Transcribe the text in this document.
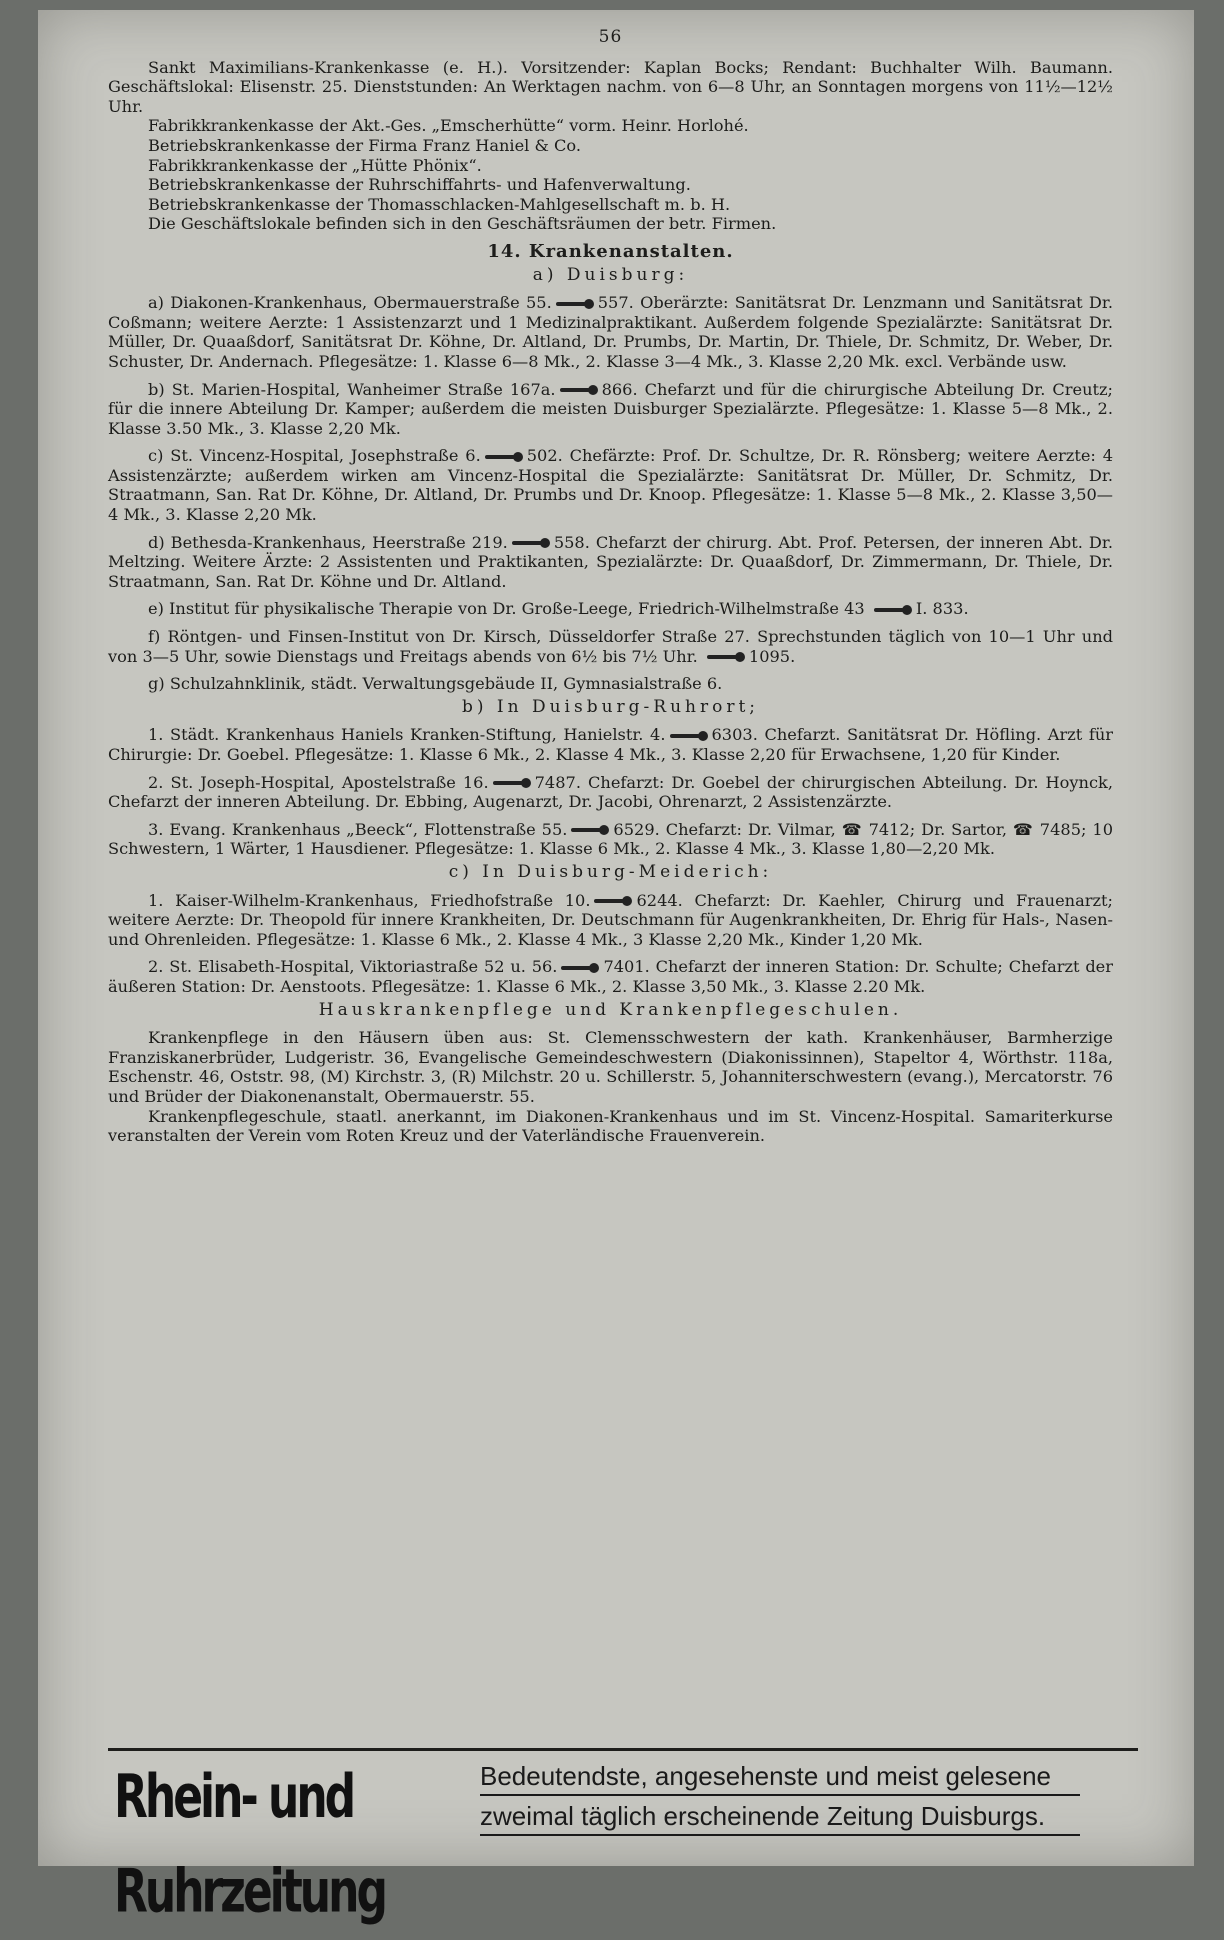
56

Sankt Maximilians-Krankenkasse (e. H.). Vorsitzender: Kaplan Bocks; Rendant: Buchhalter Wilh. Baumann. Geschäftslokal: Elisenstr. 25. Dienststunden: An Werktagen nachm. von 6—8 Uhr, an Sonntagen morgens von 11½—12½ Uhr.

Fabrikkrankenkasse der Akt.-Ges. „Emscherhütte“ vorm. Heinr. Horlohé.

Betriebskrankenkasse der Firma Franz Haniel & Co.

Fabrikkrankenkasse der „Hütte Phönix“.

Betriebskrankenkasse der Ruhrschiffahrts- und Hafenverwaltung.

Betriebskrankenkasse der Thomasschlacken-Mahlgesellschaft m. b. H.

Die Geschäftslokale befinden sich in den Geschäftsräumen der betr. Firmen.

14. Krankenanstalten.
a) Duisburg:

a) Diakonen-Krankenhaus, Obermauerstraße 55.	557. Oberärzte: Sanitätsrat Dr. Lenzmann und Sanitätsrat Dr. Coßmann; weitere Aerzte: 1 Assistenzarzt und 1 Medizinalpraktikant. Außerdem folgende Spezialärzte: Sanitätsrat Dr. Müller, Dr. Quaaßdorf, Sanitätsrat Dr. Köhne, Dr. Altland, Dr. Prumbs, Dr. Martin, Dr. Thiele, Dr. Schmitz, Dr. Weber, Dr. Schuster, Dr. Andernach. Pflegesätze: 1. Klasse 6—8 Mk., 2. Klasse 3—4 Mk., 3. Klasse 2,20 Mk. excl. Verbände usw.

b) St. Marien-Hospital, Wanheimer Straße 167a.	866. Chefarzt und für die chirurgische Abteilung Dr. Creutz; für die innere Abteilung Dr. Kamper; außerdem die meisten Duisburger Spezialärzte. Pflegesätze: 1. Klasse 5—8 Mk., 2. Klasse 3.50 Mk., 3. Klasse 2,20 Mk.

c) St. Vincenz-Hospital, Josephstraße 6.	502. Chefärzte: Prof. Dr. Schultze, Dr. R. Rönsberg; weitere Aerzte: 4 Assistenzärzte; außerdem wirken am Vincenz-Hospital die Spezialärzte: Sanitätsrat Dr. Müller, Dr. Schmitz, Dr. Straatmann, San. Rat Dr. Köhne, Dr. Altland, Dr. Prumbs und Dr. Knoop. Pflegesätze: 1. Klasse 5—8 Mk., 2. Klasse 3,50—4 Mk., 3. Klasse 2,20 Mk.

d) Bethesda-Krankenhaus, Heerstraße 219.	558. Chefarzt der chirurg. Abt. Prof. Petersen, der inneren Abt. Dr. Meltzing. Weitere Ärzte: 2 Assistenten und Praktikanten, Spezialärzte: Dr. Quaaßdorf, Dr. Zimmermann, Dr. Thiele, Dr. Straatmann, San. Rat Dr. Köhne und Dr. Altland.

e) Institut für physikalische Therapie von Dr. Große-Leege, Friedrich-Wilhelmstraße 43	I. 833.

f) Röntgen- und Finsen-Institut von Dr. Kirsch, Düsseldorfer Straße 27. Sprechstunden täglich von 10—1 Uhr und von 3—5 Uhr, sowie Dienstags und Freitags abends von 6½ bis 7½ Uhr.	1095.

g) Schulzahnklinik, städt. Verwaltungsgebäude II, Gymnasialstraße 6.

b) In Duisburg-Ruhrort;

1. Städt. Krankenhaus Haniels Kranken-Stiftung, Hanielstr. 4.	6303. Chefarzt. Sanitätsrat Dr. Höfling. Arzt für Chirurgie: Dr. Goebel. Pflegesätze: 1. Klasse 6 Mk., 2. Klasse 4 Mk., 3. Klasse 2,20 für Erwachsene, 1,20 für Kinder.

2. St. Joseph-Hospital, Apostelstraße 16.	7487. Chefarzt: Dr. Goebel der chirurgischen Abteilung. Dr. Hoynck, Chefarzt der inneren Abteilung. Dr. Ebbing, Augenarzt, Dr. Jacobi, Ohrenarzt, 2 Assistenzärzte.

3. Evang. Krankenhaus „Beeck“, Flottenstraße 55.	6529. Chefarzt: Dr. Vilmar, ☎ 7412; Dr. Sartor, ☎ 7485; 10 Schwestern, 1 Wärter, 1 Hausdiener. Pflegesätze: 1. Klasse 6 Mk., 2. Klasse 4 Mk., 3. Klasse 1,80—2,20 Mk.

c) In Duisburg-Meiderich:

1. Kaiser-Wilhelm-Krankenhaus, Friedhofstraße 10.	6244. Chefarzt: Dr. Kaehler, Chirurg und Frauenarzt; weitere Aerzte: Dr. Theopold für innere Krankheiten, Dr. Deutschmann für Augenkrankheiten, Dr. Ehrig für Hals-, Nasen- und Ohrenleiden. Pflegesätze: 1. Klasse 6 Mk., 2. Klasse 4 Mk., 3 Klasse 2,20 Mk., Kinder 1,20 Mk.

2. St. Elisabeth-Hospital, Viktoriastraße 52 u. 56.	7401. Chefarzt der inneren Station: Dr. Schulte; Chefarzt der äußeren Station: Dr. Aenstoots. Pflegesätze: 1. Klasse 6 Mk., 2. Klasse 3,50 Mk., 3. Klasse 2.20 Mk.

Hauskrankenpflege und Krankenpflegeschulen.

Krankenpflege in den Häusern üben aus: St. Clemensschwestern der kath. Krankenhäuser, Barmherzige Franziskanerbrüder, Ludgeristr. 36, Evangelische Gemeindeschwestern (Diakonissinnen), Stapeltor 4, Wörthstr. 118a, Eschenstr. 46, Oststr. 98, (M) Kirchstr. 3, (R) Milchstr. 20 u. Schillerstr. 5, Johanniterschwestern (evang.), Mercatorstr. 76 und Brüder der Diakonenanstalt, Obermauerstr. 55.

Krankenpflegeschule, staatl. anerkannt, im Diakonen-Krankenhaus und im St. Vincenz-Hospital. Samariterkurse veranstalten der Verein vom Roten Kreuz und der Vaterländische Frauenverein.

Rhein- und Ruhrzeitung
Bedeutendste, angesehenste und meist gelesene
zweimal täglich erscheinende Zeitung Duisburgs.
